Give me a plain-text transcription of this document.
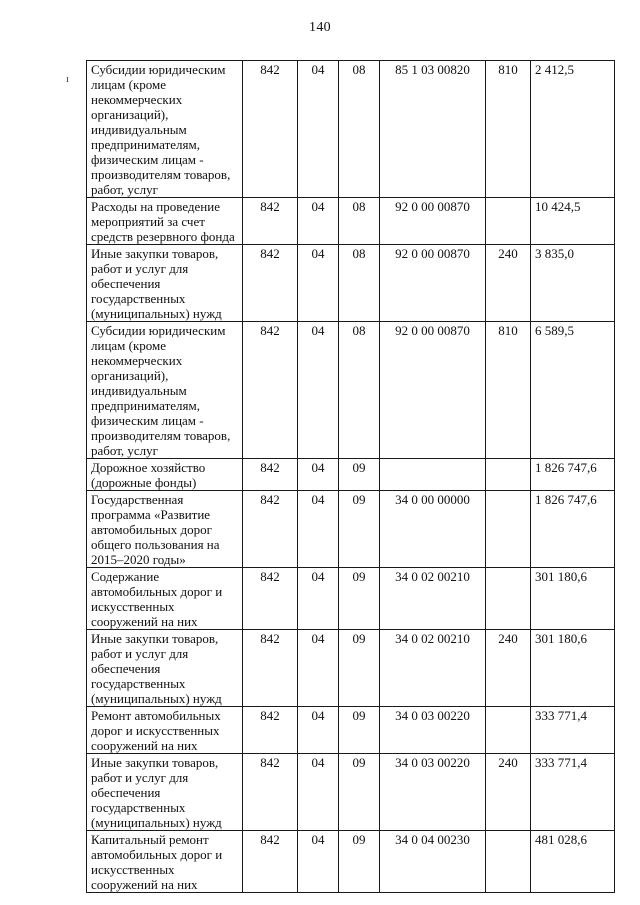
140
ı
Субсидии юридическим лицам (кроме некоммерческих организаций), индивидуальным предпринимателям, физическим лицам - производителям товаров, работ, услуг	842	04	08	85 1 03 00820	810	2 412,5
Расходы на проведение мероприятий за счет средств резервного фонда	842	04	08	92 0 00 00870		10 424,5
Иные закупки товаров, работ и услуг для обеспечения государственных (муниципальных) нужд	842	04	08	92 0 00 00870	240	3 835,0
Субсидии юридическим лицам (кроме некоммерческих организаций), индивидуальным предпринимателям, физическим лицам - производителям товаров, работ, услуг	842	04	08	92 0 00 00870	810	6 589,5
Дорожное хозяйство (дорожные фонды)	842	04	09			1 826 747,6
Государственная программа «Развитие автомобильных дорог общего пользования на 2015–2020 годы»	842	04	09	34 0 00 00000		1 826 747,6
Содержание автомобильных дорог и искусственных сооружений на них	842	04	09	34 0 02 00210		301 180,6
Иные закупки товаров, работ и услуг для обеспечения государственных (муниципальных) нужд	842	04	09	34 0 02 00210	240	301 180,6
Ремонт автомобильных дорог и искусственных сооружений на них	842	04	09	34 0 03 00220		333 771,4
Иные закупки товаров, работ и услуг для обеспечения государственных (муниципальных) нужд	842	04	09	34 0 03 00220	240	333 771,4
Капитальный ремонт автомобильных дорог и искусственных сооружений на них	842	04	09	34 0 04 00230		481 028,6
